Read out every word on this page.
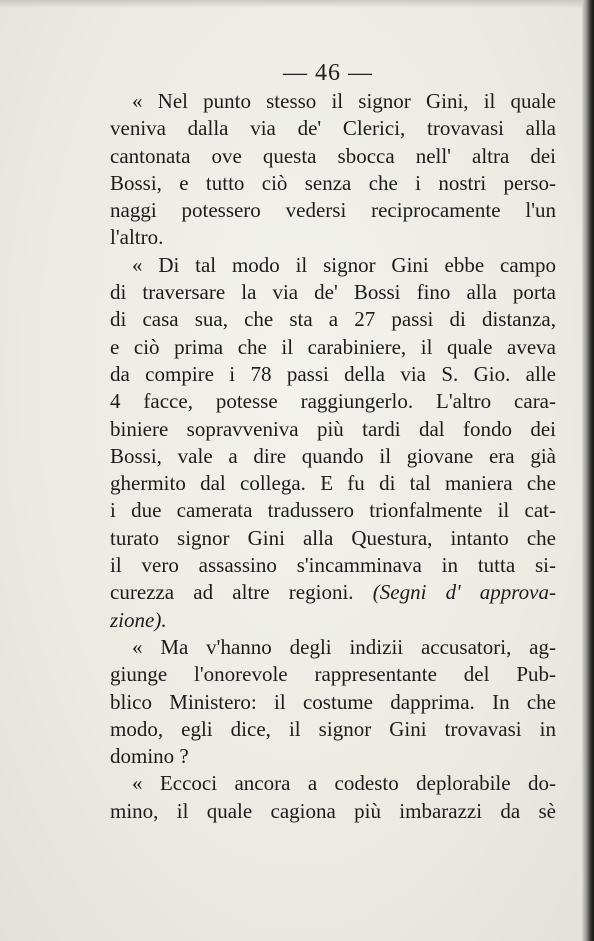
— 46 —
« Nel punto stesso il signor Gini, il quale
veniva dalla via de' Clerici, trovavasi alla
cantonata ove questa sbocca nell' altra dei
Bossi, e tutto ciò senza che i nostri perso-
naggi potessero vedersi reciprocamente l'un
l'altro.
« Di tal modo il signor Gini ebbe campo
di traversare la via de' Bossi fino alla porta
di casa sua, che sta a 27 passi di distanza,
e ciò prima che il carabiniere, il quale aveva
da compire i 78 passi della via S. Gio. alle
4 facce, potesse raggiungerlo. L'altro cara-
biniere sopravveniva più tardi dal fondo dei
Bossi, vale a dire quando il giovane era già
ghermito dal collega. E fu di tal maniera che
i due camerata tradussero trionfalmente il cat-
turato signor Gini alla Questura, intanto che
il vero assassino s'incamminava in tutta si-
curezza ad altre regioni. (Segni d' approva-
zione).
« Ma v'hanno degli indizii accusatori, ag-
giunge l'onorevole rappresentante del Pub-
blico Ministero: il costume dapprima. In che
modo, egli dice, il signor Gini trovavasi in
domino ?
« Eccoci ancora a codesto deplorabile do-
mino, il quale cagiona più imbarazzi da sè
